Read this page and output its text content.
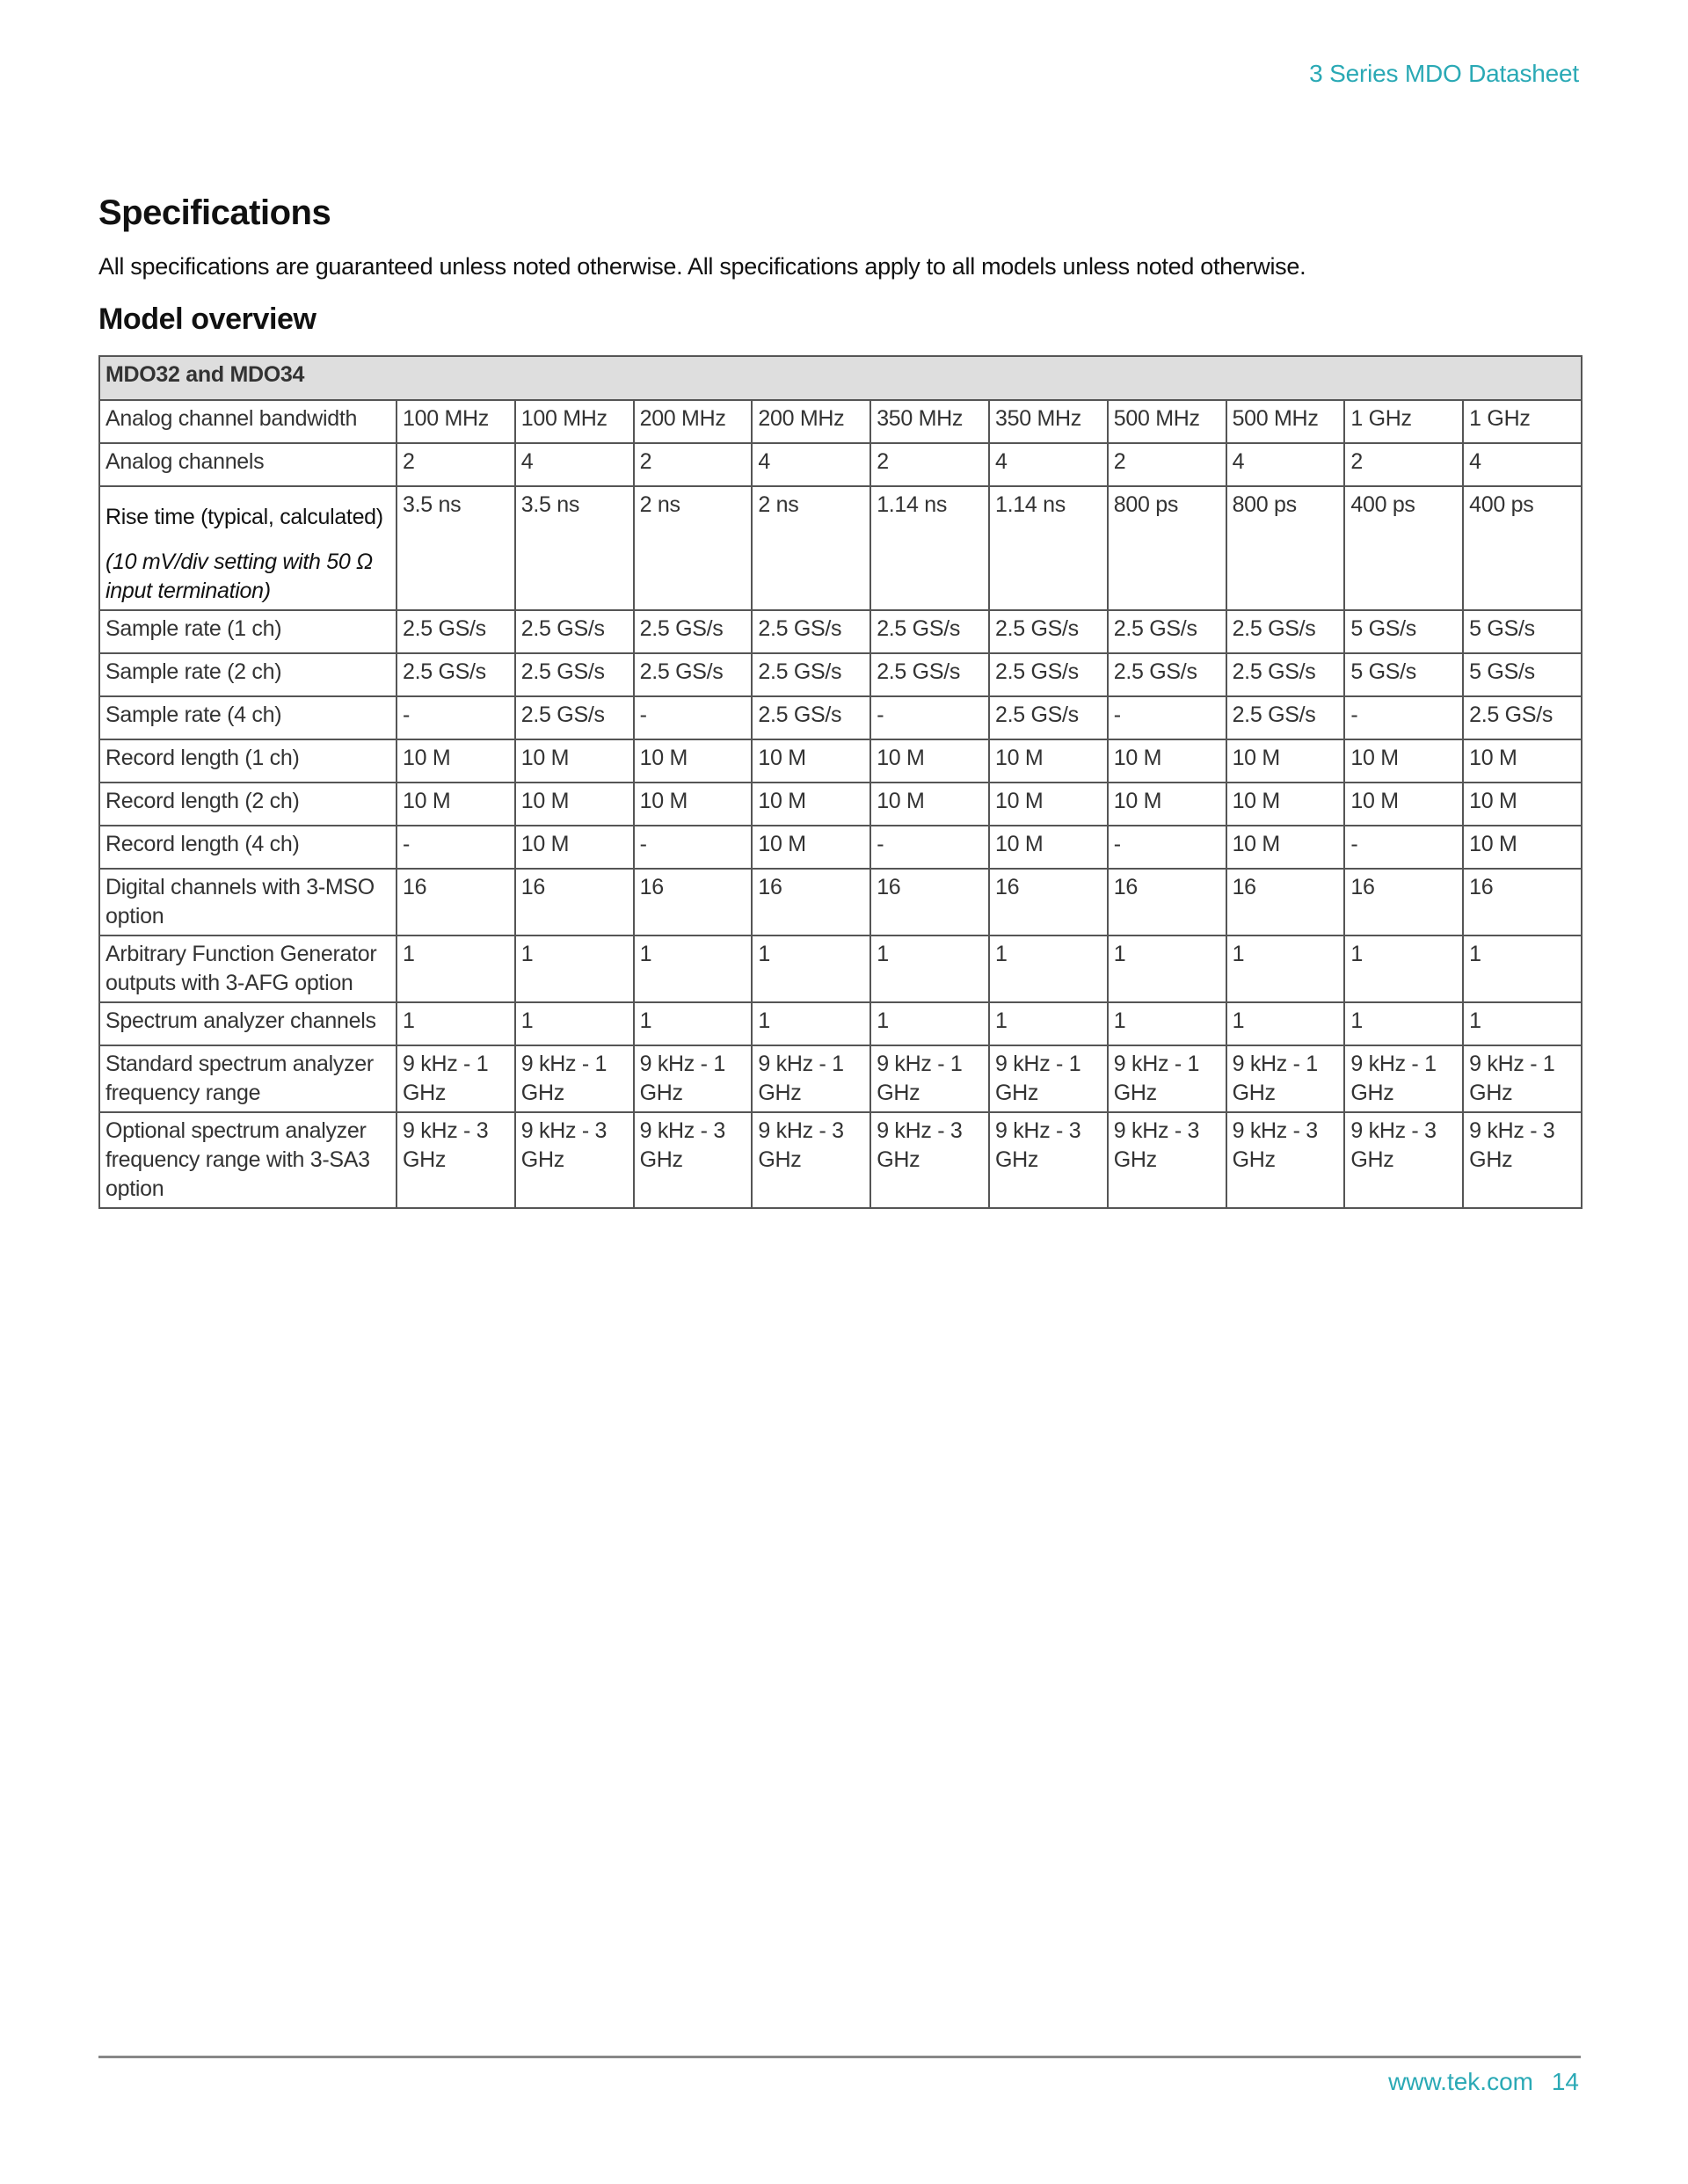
3 Series MDO Datasheet
Specifications

All specifications are guaranteed unless noted otherwise. All specifications apply to all models unless noted otherwise.

Model overview
MDO32 and MDO34										
Analog channel bandwidth	100 MHz	100 MHz	200 MHz	200 MHz	350 MHz	350 MHz	500 MHz	500 MHz	1 GHz	1 GHz
Analog channels	2	4	2	4	2	4	2	4	2	4

Rise time (typical, calculated)
(10 mV/div setting with 50 Ω input termination)	3.5 ns	3.5 ns	2 ns	2 ns	1.14 ns	1.14 ns	800 ps	800 ps	400 ps	400 ps
Sample rate (1 ch)	2.5 GS/s	2.5 GS/s	2.5 GS/s	2.5 GS/s	2.5 GS/s	2.5 GS/s	2.5 GS/s	2.5 GS/s	5 GS/s	5 GS/s
Sample rate (2 ch)	2.5 GS/s	2.5 GS/s	2.5 GS/s	2.5 GS/s	2.5 GS/s	2.5 GS/s	2.5 GS/s	2.5 GS/s	5 GS/s	5 GS/s
Sample rate (4 ch)	-	2.5 GS/s	-	2.5 GS/s	-	2.5 GS/s	-	2.5 GS/s	-	2.5 GS/s
Record length (1 ch)	10 M	10 M	10 M	10 M	10 M	10 M	10 M	10 M	10 M	10 M
Record length (2 ch)	10 M	10 M	10 M	10 M	10 M	10 M	10 M	10 M	10 M	10 M
Record length (4 ch)	-	10 M	-	10 M	-	10 M	-	10 M	-	10 M
Digital channels with 3-MSO option	16	16	16	16	16	16	16	16	16	16
Arbitrary Function Generator outputs with 3-AFG option	1	1	1	1	1	1	1	1	1	1
Spectrum analyzer channels	1	1	1	1	1	1	1	1	1	1
Standard spectrum analyzer frequency range	9 kHz - 1 GHz	9 kHz - 1 GHz	9 kHz - 1 GHz	9 kHz - 1 GHz	9 kHz - 1 GHz	9 kHz - 1 GHz	9 kHz - 1 GHz	9 kHz - 1 GHz	9 kHz - 1 GHz	9 kHz - 1 GHz
Optional spectrum analyzer frequency range with 3-SA3 option	9 kHz - 3 GHz	9 kHz - 3 GHz	9 kHz - 3 GHz	9 kHz - 3 GHz	9 kHz - 3 GHz	9 kHz - 3 GHz	9 kHz - 3 GHz	9 kHz - 3 GHz	9 kHz - 3 GHz	9 kHz - 3 GHz
www.tek.com 14
